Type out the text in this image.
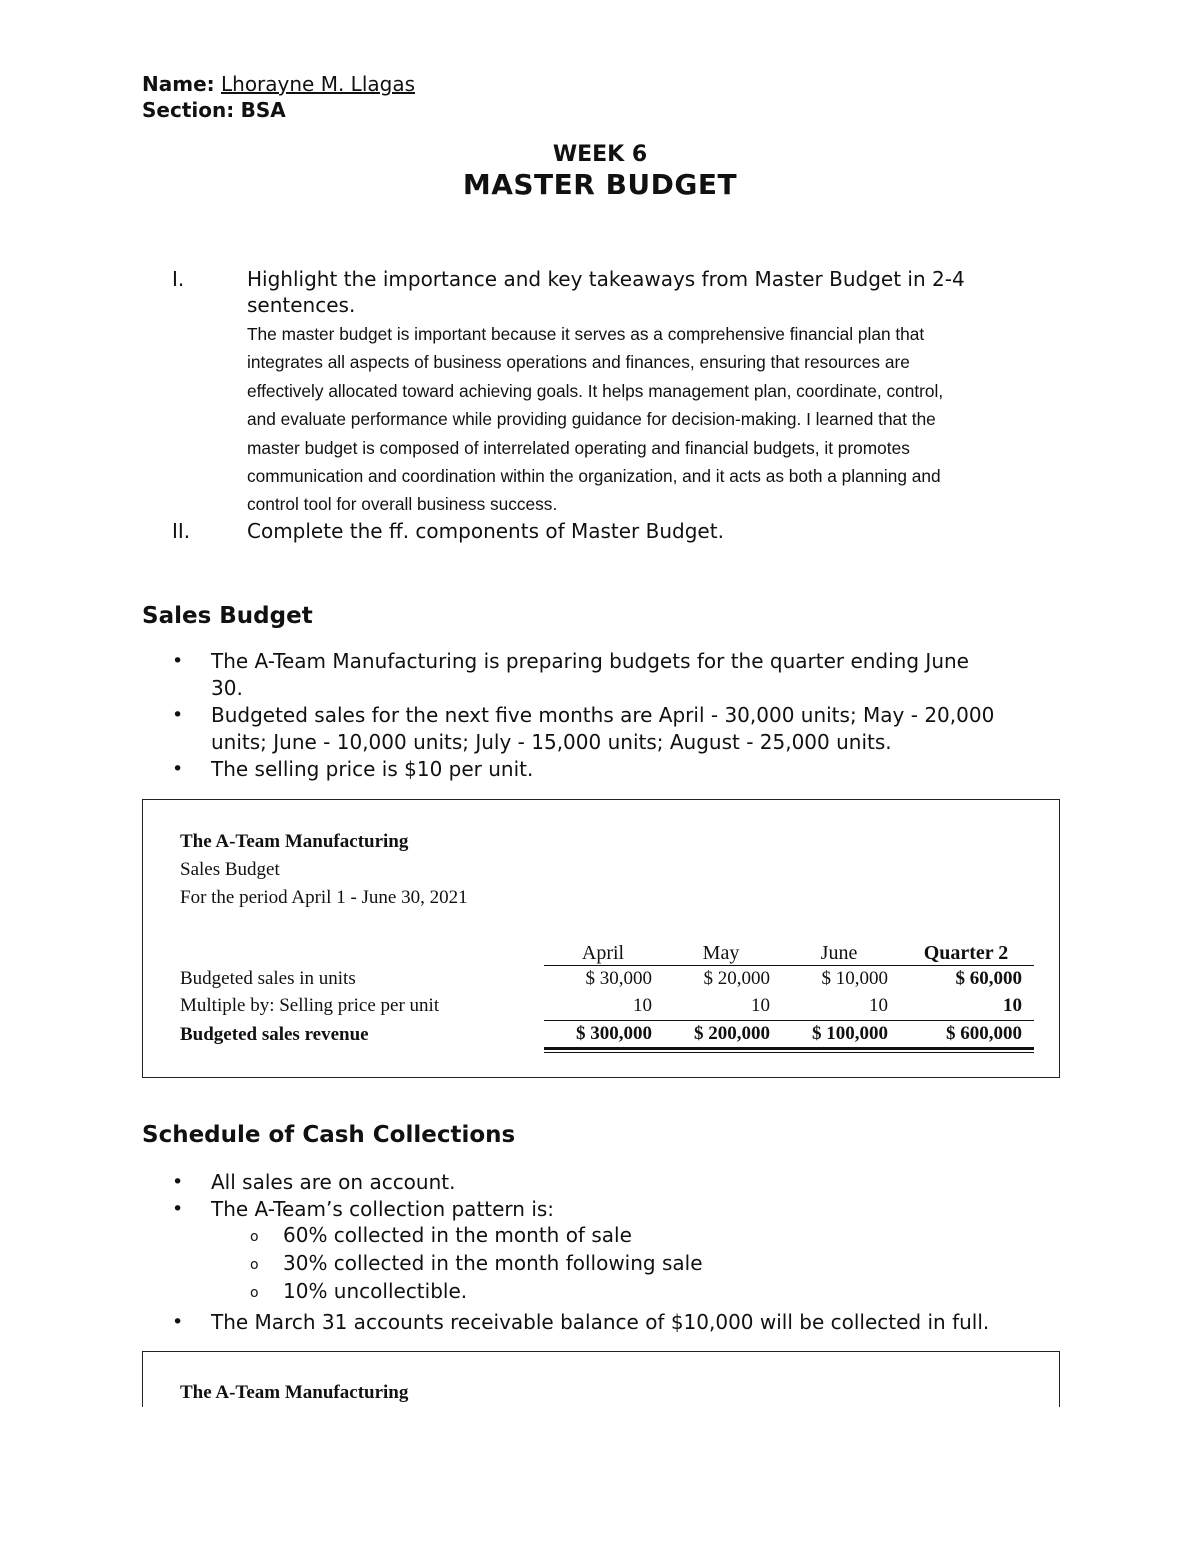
Name: Lhorayne M. Llagas
Section: BSA
WEEK 6
MASTER BUDGET
I.	Highlight the importance and key takeaways from Master Budget in 2-4
sentences.
The master budget is important because it serves as a comprehensive financial plan that
integrates all aspects of business operations and finances, ensuring that resources are
effectively allocated toward achieving goals. It helps management plan, coordinate, control,
and evaluate performance while providing guidance for decision-making. I learned that the
master budget is composed of interrelated operating and financial budgets, it promotes
communication and coordination within the organization, and it acts as both a planning and
control tool for overall business success.
II.	Complete the ff. components of Master Budget.
Sales Budget
• The A-Team Manufacturing is preparing budgets for the quarter ending June
30.
• Budgeted sales for the next five months are April - 30,000 units; May - 20,000
units; June - 10,000 units; July - 15,000 units; August - 25,000 units.
• The selling price is $10 per unit.
The A-Team Manufacturing
Sales Budget
For the period April 1 - June 30, 2021
April	May	June	Quarter 2
Budgeted sales in units	$ 30,000	$ 20,000	$ 10,000	$ 60,000
Multiple by: Selling price per unit	10	10	10	10
Budgeted sales revenue	$ 300,000	$ 200,000	$ 100,000	$ 600,000
Schedule of Cash Collections
• All sales are on account.
• The A-Team’s collection pattern is:
o 60% collected in the month of sale
o 30% collected in the month following sale
o 10% uncollectible.
• The March 31 accounts receivable balance of $10,000 will be collected in full.
The A-Team Manufacturing
